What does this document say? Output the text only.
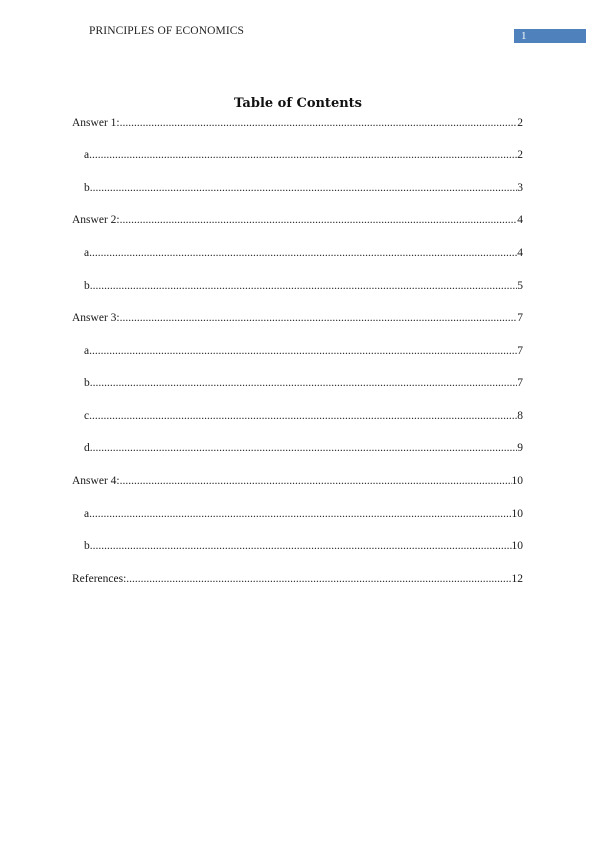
PRINCIPLES OF ECONOMICS	1
Table of Contents
Answer 1: .....	2
a. .....	2
b. .....	3
Answer 2: .....	4
a. .....	4
b. .....	5
Answer 3: .....	7
a. .....	7
b. .....	7
c. .....	8
d. .....	9
Answer 4: .....	10
a. .....	10
b. .....	10
References: .....	12
